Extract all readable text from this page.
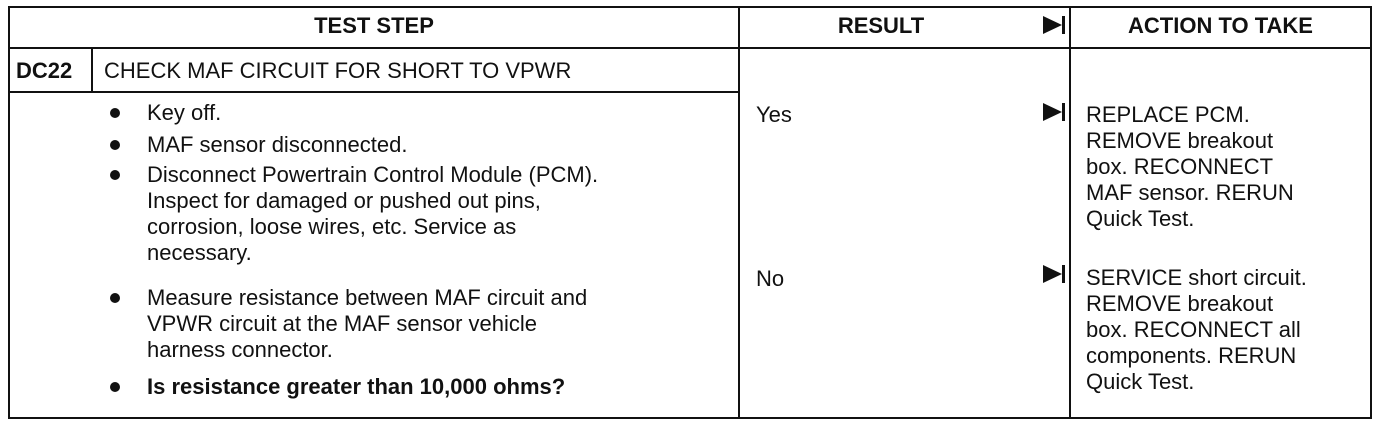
TEST STEP	RESULT	ACTION TO TAKE
DC22 CHECK MAF CIRCUIT FOR SHORT TO VPWR
Key off.
MAF sensor disconnected.
Disconnect Powertrain Control Module (PCM).
Inspect for damaged or pushed out pins,
corrosion, loose wires, etc. Service as
necessary.
Measure resistance between MAF circuit and
VPWR circuit at the MAF sensor vehicle
harness connector.
Is resistance greater than 10,000 ohms?
Yes	REPLACE PCM.
REMOVE breakout
box. RECONNECT
MAF sensor. RERUN
Quick Test.
No	SERVICE short circuit.
REMOVE breakout
box. RECONNECT all
components. RERUN
Quick Test.
